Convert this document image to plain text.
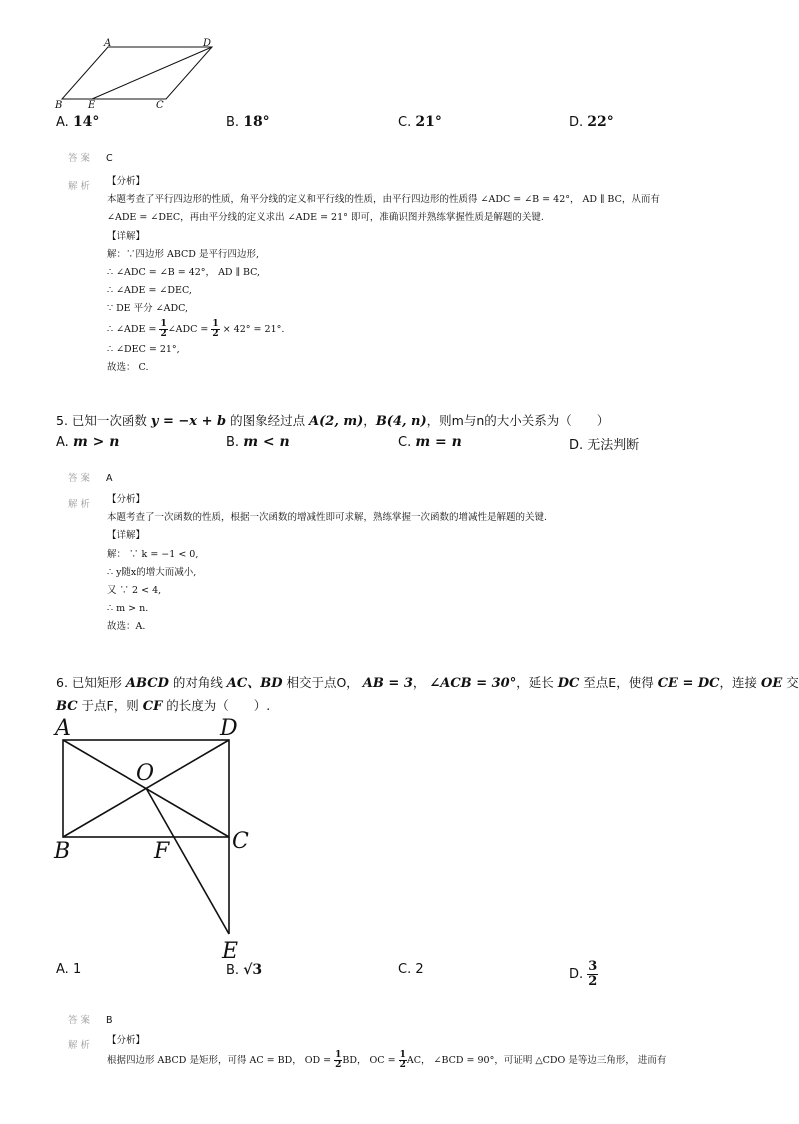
A	D
B	E	C
A. 14°	B. 18°	C. 21°	D. 22°
答案 C
解析	【分析】
本题考查了平行四边形的性质，角平分线的定义和平行线的性质，由平行四边形的性质得 ∠ADC = ∠B = 42°， AD ∥ BC，从而有
∠ADE = ∠DEC，再由平分线的定义求出 ∠ADE = 21° 即可，准确识图并熟练掌握性质是解题的关键.
【详解】
解：∵四边形 ABCD 是平行四边形,
∴ ∠ADC = ∠B = 42°， AD ∥ BC,
∴ ∠ADE = ∠DEC,
∵ DE 平分 ∠ADC,
∴ ∠ADE = $\frac{1}{2}$ ∠ADC = $\frac{1}{2} \times 42^\circ = 21^\circ$.
∴ ∠DEC = 21°,
故选： C.
5. 已知一次函数 y = −x + b 的图象经过点 A(2, m)，B(4, n)，则m与n的大小关系为（　　）
A. m > n	B. m < n	C. m = n	D. 无法判断
答案 A
解析	【分析】
本题考查了一次函数的性质，根据一次函数的增减性即可求解，熟练掌握一次函数的增减性是解题的关键.
【详解】
解： ∵ k = −1 < 0,
∴ y随x的增大而减小,
又 ∵ 2 < 4,
∴ m > n.
故选：A.
6. 已知矩形 ABCD 的对角线 AC、BD 相交于点O， AB = 3， ∠ACB = 30°，延长 DC 至点E，使得 CE = DC，连接 OE 交
BC 于点F，则 CF 的长度为（　　）.
A	D
O
B	F	C
E
A. 1	B. √3	C. 2	D. $\frac{3}{2}$
答案 B
解析	【分析】
根据四边形 ABCD 是矩形，可得 AC = BD， OD = $\frac{1}{2}$ BD， OC = $\frac{1}{2}$ AC， ∠BCD = 90°，可证明 △CDO 是等边三角形， 进而有
